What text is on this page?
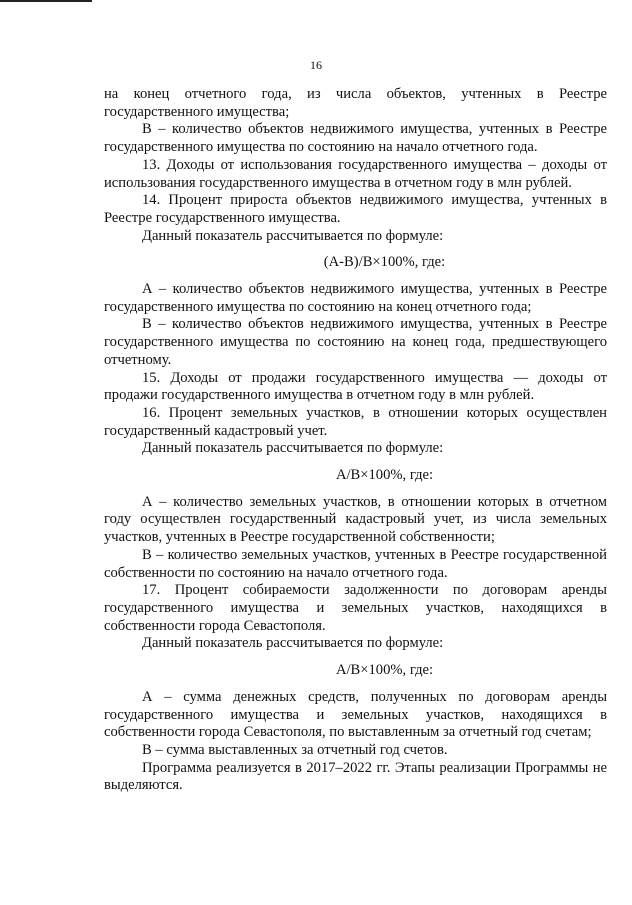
16

на конец отчетного года, из числа объектов, учтенных в Реестре государственного имущества;

В – количество объектов недвижимого имущества, учтенных в Реестре государственного имущества по состоянию на начало отчетного года.

13. Доходы от использования государственного имущества – доходы от использования государственного имущества в отчетном году в млн рублей.

14. Процент прироста объектов недвижимого имущества, учтенных в Реестре государственного имущества.

Данный показатель рассчитывается по формуле:

(А-В)/В×100%, где:

А – количество объектов недвижимого имущества, учтенных в Реестре государственного имущества по состоянию на конец отчетного года;

В – количество объектов недвижимого имущества, учтенных в Реестре государственного имущества по состоянию на конец года, предшествующего отчетному.

15. Доходы от продажи государственного имущества — доходы от продажи государственного имущества в отчетном году в млн рублей.

16. Процент земельных участков, в отношении которых осуществлен государственный кадастровый учет.

Данный показатель рассчитывается по формуле:

А/В×100%, где:

А – количество земельных участков, в отношении которых в отчетном году осуществлен государственный кадастровый учет, из числа земельных участков, учтенных в Реестре государственной собственности;

В – количество земельных участков, учтенных в Реестре государственной собственности по состоянию на начало отчетного года.

17. Процент собираемости задолженности по договорам аренды государственного имущества и земельных участков, находящихся в собственности города Севастополя.

Данный показатель рассчитывается по формуле:

А/В×100%, где:

А – сумма денежных средств, полученных по договорам аренды государственного имущества и земельных участков, находящихся в собственности города Севастополя, по выставленным за отчетный год счетам;

В – сумма выставленных за отчетный год счетов.

Программа реализуется в 2017–2022 гг. Этапы реализации Программы не выделяются.
